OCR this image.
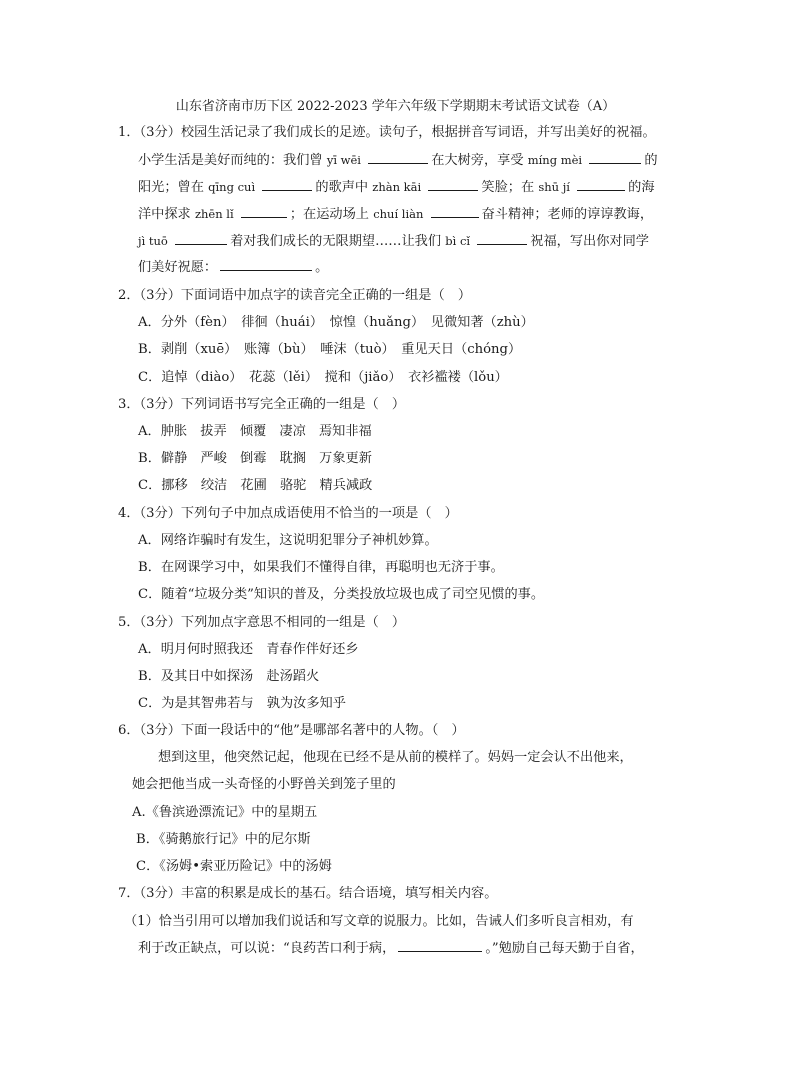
山东省济南市历下区 2022-2023 学年六年级下学期期末考试语文试卷（A）
1．（3分）校园生活记录了我们成长的足迹。读句子，根据拼音写词语，并写出美好的祝福。
小学生活是美好而纯的：我们曾 yī wēi	在大树旁，享受 míng mèi	的
阳光；曾在 qīng cuì	的歌声中 zhàn kāi	笑脸；在 shū jí	的海
洋中探求 zhēn lǐ	；在运动场上 chuí liàn	奋斗精神；老师的谆谆教诲，
jì tuō	着对我们成长的无限期望……让我们 bì cǐ	祝福，写出你对同学
们美好祝愿：	。
2．（3分）下面词语中加点字的读音完全正确的一组是（　）
A．分外（fèn）　徘徊（huái）　惊惶（huǎng）　见微知著（zhù）
B．剥削（xuē）　账簿（bù）　唾沫（tuò）　重见天日（chóng）
C．追悼（diào）　花蕊（lěi）　搅和（jiǎo）　衣衫褴褛（lǒu）
3．（3分）下列词语书写完全正确的一组是（　）
A．肿胀　拔弄　倾覆　凄凉　焉知非福
B．僻静　严峻　倒霉　耽搁　万象更新
C．挪移　绞洁　花圃　骆驼　精兵减政
4．（3分）下列句子中加点成语使用不恰当的一项是（　）
A．网络诈骗时有发生，这说明犯罪分子神机妙算。
B．在网课学习中，如果我们不懂得自律，再聪明也无济于事。
C．随着“垃圾分类”知识的普及，分类投放垃圾也成了司空见惯的事。
5．（3分）下列加点字意思不相同的一组是（　）
A．明月何时照我还　青春作伴好还乡
B．及其日中如探汤　赴汤蹈火
C．为是其智弗若与　孰为汝多知乎
6．（3分）下面一段话中的“他”是哪部名著中的人物。（　）
想到这里，他突然记起，他现在已经不是从前的模样了。妈妈一定会认不出他来，
她会把他当成一头奇怪的小野兽关到笼子里的
A.《鲁滨逊漂流记》中的星期五
B．《骑鹅旅行记》中的尼尔斯
C．《汤姆•索亚历险记》中的汤姆
7．（3分）丰富的积累是成长的基石。结合语境，填写相关内容。
（1）恰当引用可以增加我们说话和写文章的说服力。比如，告诫人们多听良言相劝，有
利于改正缺点，可以说：“良药苦口利于病，	。”勉励自己每天勤于自省，
